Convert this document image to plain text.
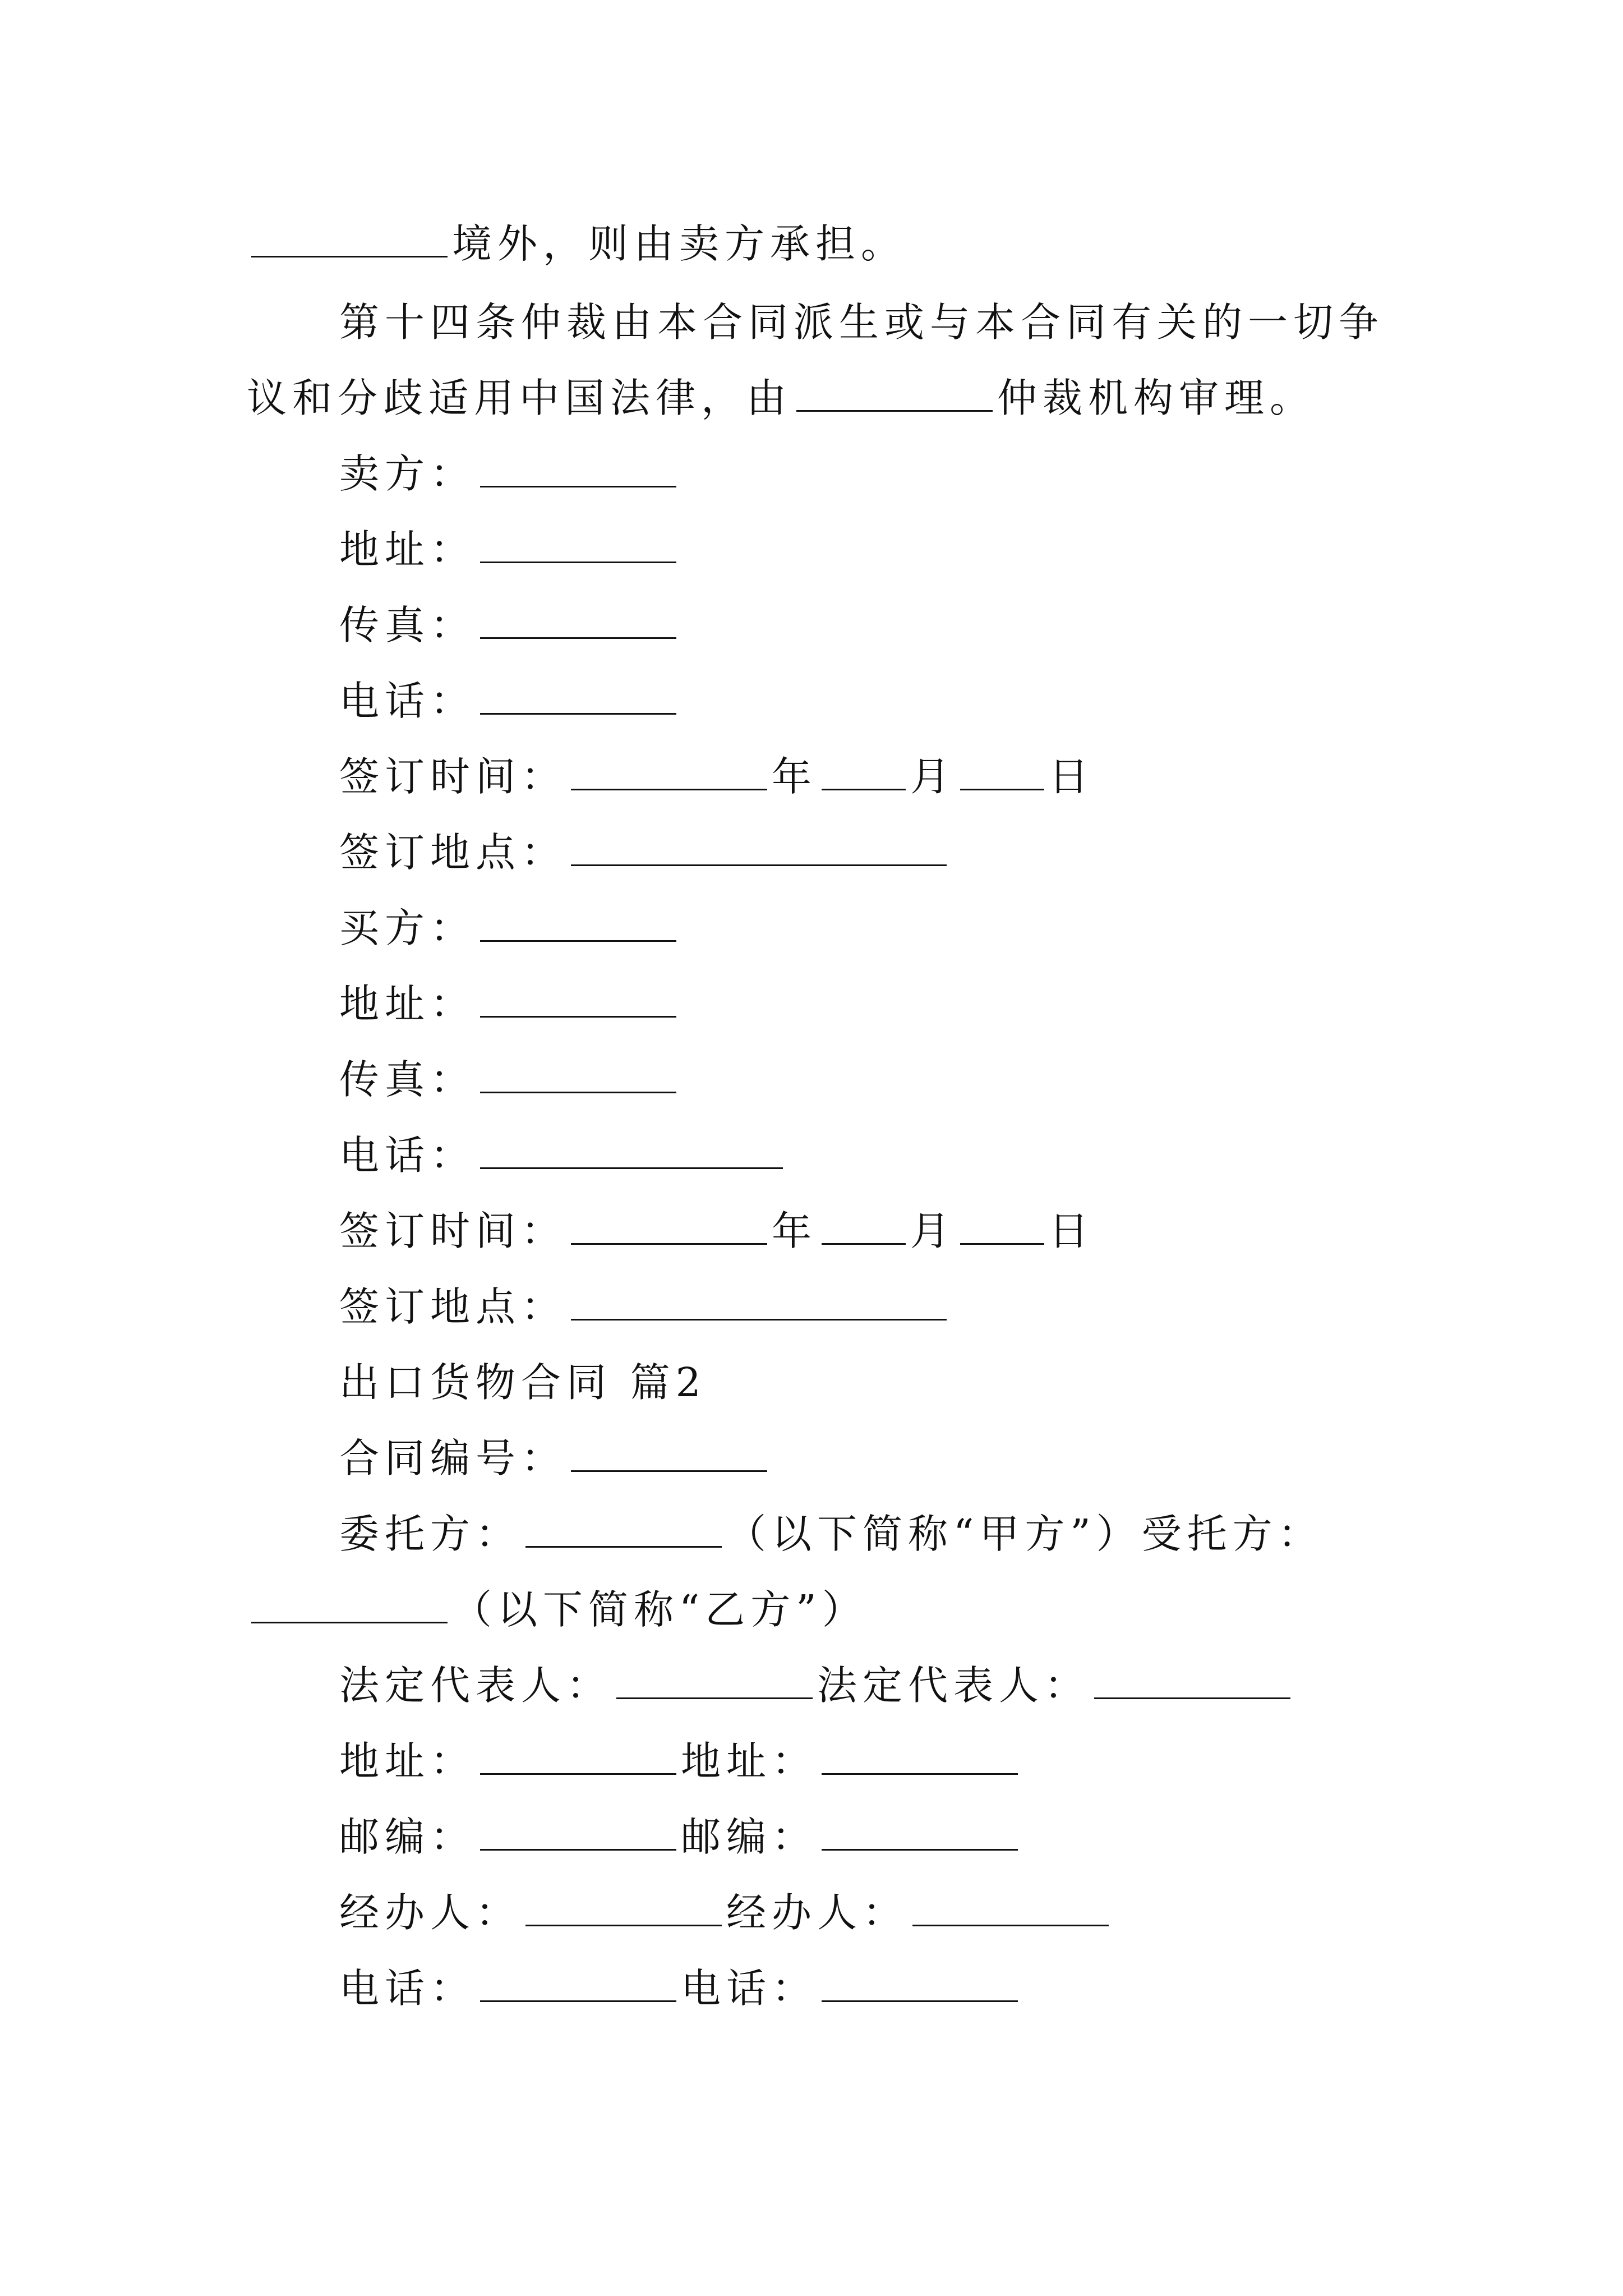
境外，则由卖方承担。
第十四条仲裁由本合同派生或与本合同有关的一切争
议和分歧适用中国法律，由	仲裁机构审理。
卖方：
地址：
传真：
电话：
签订时间：	年 月 日
签订地点：
买方：
地址：
传真：
电话：
签订时间：	年 月 日
签订地点：
出口货物合同 篇2
合同编号：
委托方：	（以下简称“甲方”）受托方：
（以下简称“乙方”）
法定代表人：	法定代表人：
地址：	地址：
邮编：	邮编：
经办人：	经办人：
电话：	电话：
